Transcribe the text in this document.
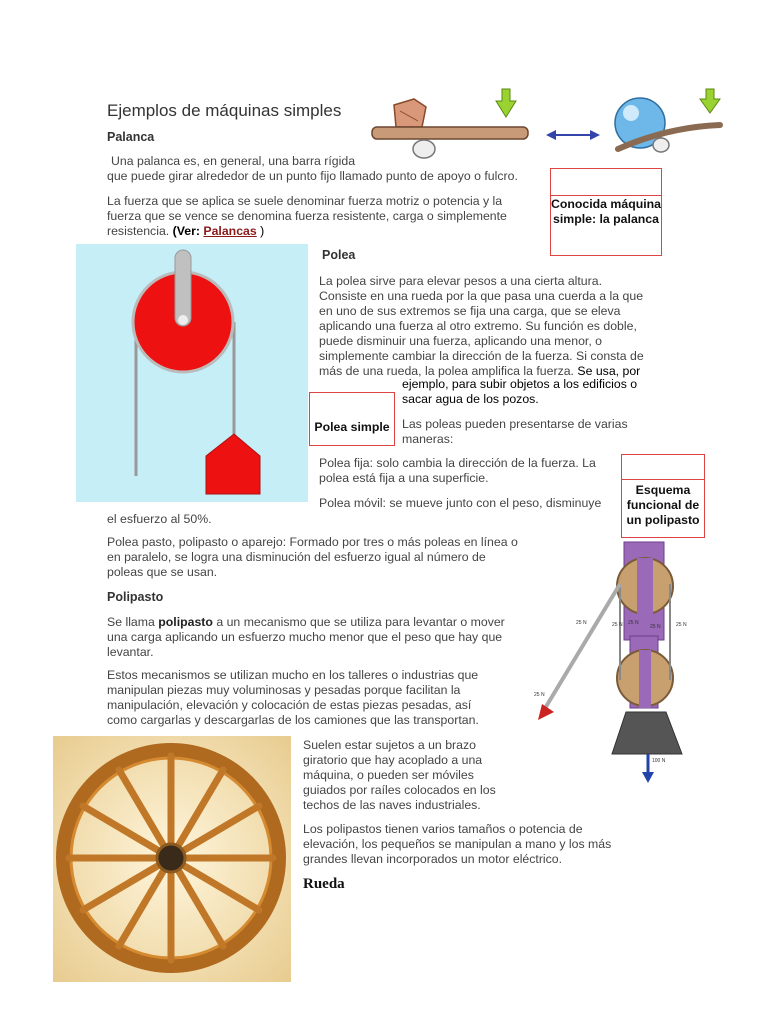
Ejemplos de máquinas simples
Palanca
Una palanca es, en general, una barra rígida
que puede girar alrededor de un punto fijo llamado punto de apoyo o fulcro.
La fuerza que se aplica se suele denominar fuerza motriz o potencia y la fuerza que se vence se denomina fuerza resistente, carga o simplemente resistencia. (Ver: Palancas )
Conocida máquina simple: la palanca
Polea
La polea sirve para elevar pesos a una cierta altura. Consiste en una rueda por la que pasa una cuerda a la que en uno de sus extremos se fija una carga, que se eleva aplicando una fuerza al otro extremo. Su función es doble, puede disminuir una fuerza, aplicando una menor, o simplemente cambiar la dirección de la fuerza. Si consta de más de una rueda, la polea amplifica la fuerza. Se usa, por
ejemplo, para subir objetos a los edificios o sacar agua de los pozos.
Polea simple	Las poleas pueden presentarse de varias maneras:
Polea fija: solo cambia la dirección de la fuerza. La polea está fija a una superficie.
Polea móvil: se mueve junto con el peso, disminuye
el esfuerzo al 50%.
Esquema funcional de un polipasto
Polea pasto, polipasto o aparejo: Formado por tres o más poleas en línea o en paralelo, se logra una disminución del esfuerzo igual al número de poleas que se usan.
Polipasto
Se llama polipasto a un mecanismo que se utiliza para levantar o mover una carga aplicando un esfuerzo mucho menor que el peso que hay que levantar.
Estos mecanismos se utilizan mucho en los talleres o industrias que manipulan piezas muy voluminosas y pesadas porque facilitan la manipulación, elevación y colocación de estas piezas pesadas, así como cargarlas y descargarlas de los camiones que las transportan.
25 N	25 N 25 N
25 N	25 N
25 N
100 N
Suelen estar sujetos a un brazo giratorio que hay acoplado a una máquina, o pueden ser móviles guiados por raíles colocados en los techos de las naves industriales.
Los polipastos tienen varios tamaños o potencia de elevación, los pequeños se manipulan a mano y los más grandes llevan incorporados un motor eléctrico.
Rueda
